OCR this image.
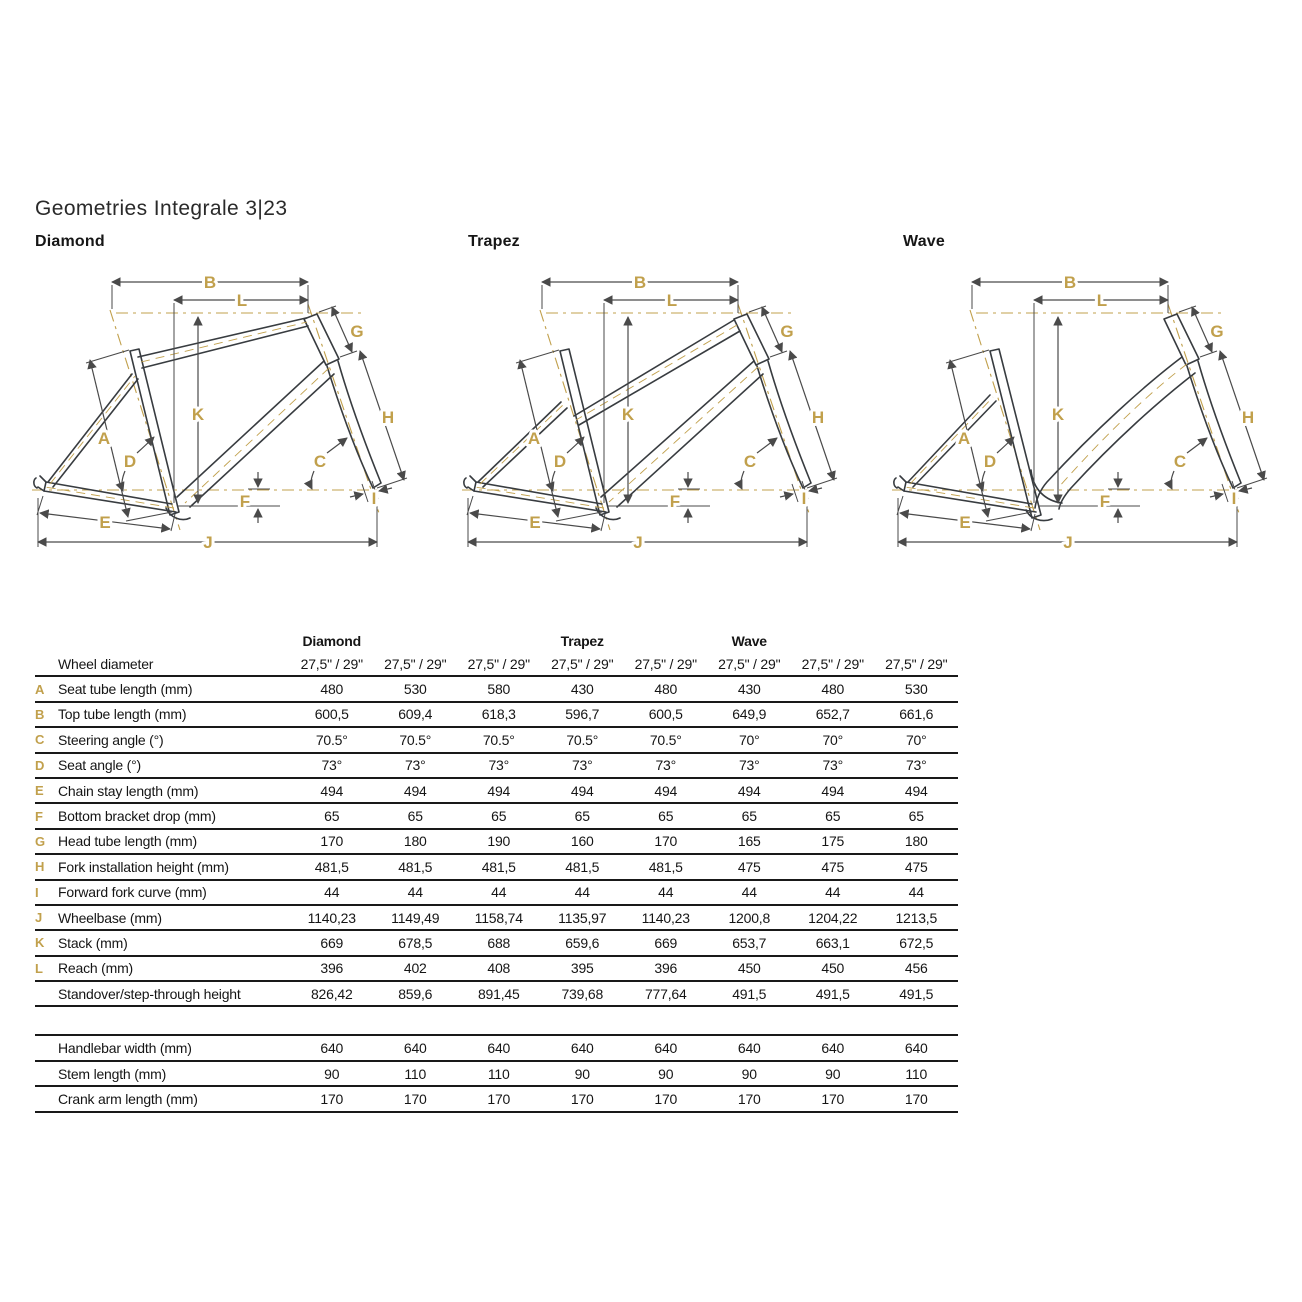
Geometries Integrale 3|23
Diamond	Trapez	Wave
B
L
K
G
H
A
D	C
E
F	I
J
B
L
K
G
H
A
D	C
E
F	I
J
B
L
K
G
H
A
D	C
E
F	I
J
Diamond	Trapez	Wave
Wheel diameter	27,5" / 29"	27,5" / 29"	27,5" / 29"	27,5" / 29"	27,5" / 29"	27,5" / 29"	27,5" / 29"	27,5" / 29"
A Seat tube length (mm)	480	530	580	430	480	430	480	530
B Top tube length (mm)	600,5	609,4	618,3	596,7	600,5	649,9	652,7	661,6
C Steering angle (°)	70.5°	70.5°	70.5°	70.5°	70.5°	70°	70°	70°
D Seat angle (°)	73°	73°	73°	73°	73°	73°	73°	73°
E	Chain stay length (mm)	494	494	494	494	494	494	494	494
F	Bottom bracket drop (mm)	65	65	65	65	65	65	65	65
G Head tube length (mm)	170	180	190	160	170	165	175	180
H Fork installation height (mm)	481,5	481,5	481,5	481,5	481,5	475	475	475
I	Forward fork curve (mm)	44	44	44	44	44	44	44	44
J	Wheelbase (mm)	1140,23	1149,49	1158,74	1135,97	1140,23	1200,8	1204,22	1213,5
K Stack (mm)	669	678,5	688	659,6	669	653,7	663,1	672,5
L	Reach (mm)	396	402	408	395	396	450	450	456
Standover/step-through height	826,42	859,6	891,45	739,68	777,64	491,5	491,5	491,5
Handlebar width (mm)	640	640	640	640	640	640	640	640
Stem length (mm)	90	110	110	90	90	90	90	110
Crank arm length (mm)	170	170	170	170	170	170	170	170
